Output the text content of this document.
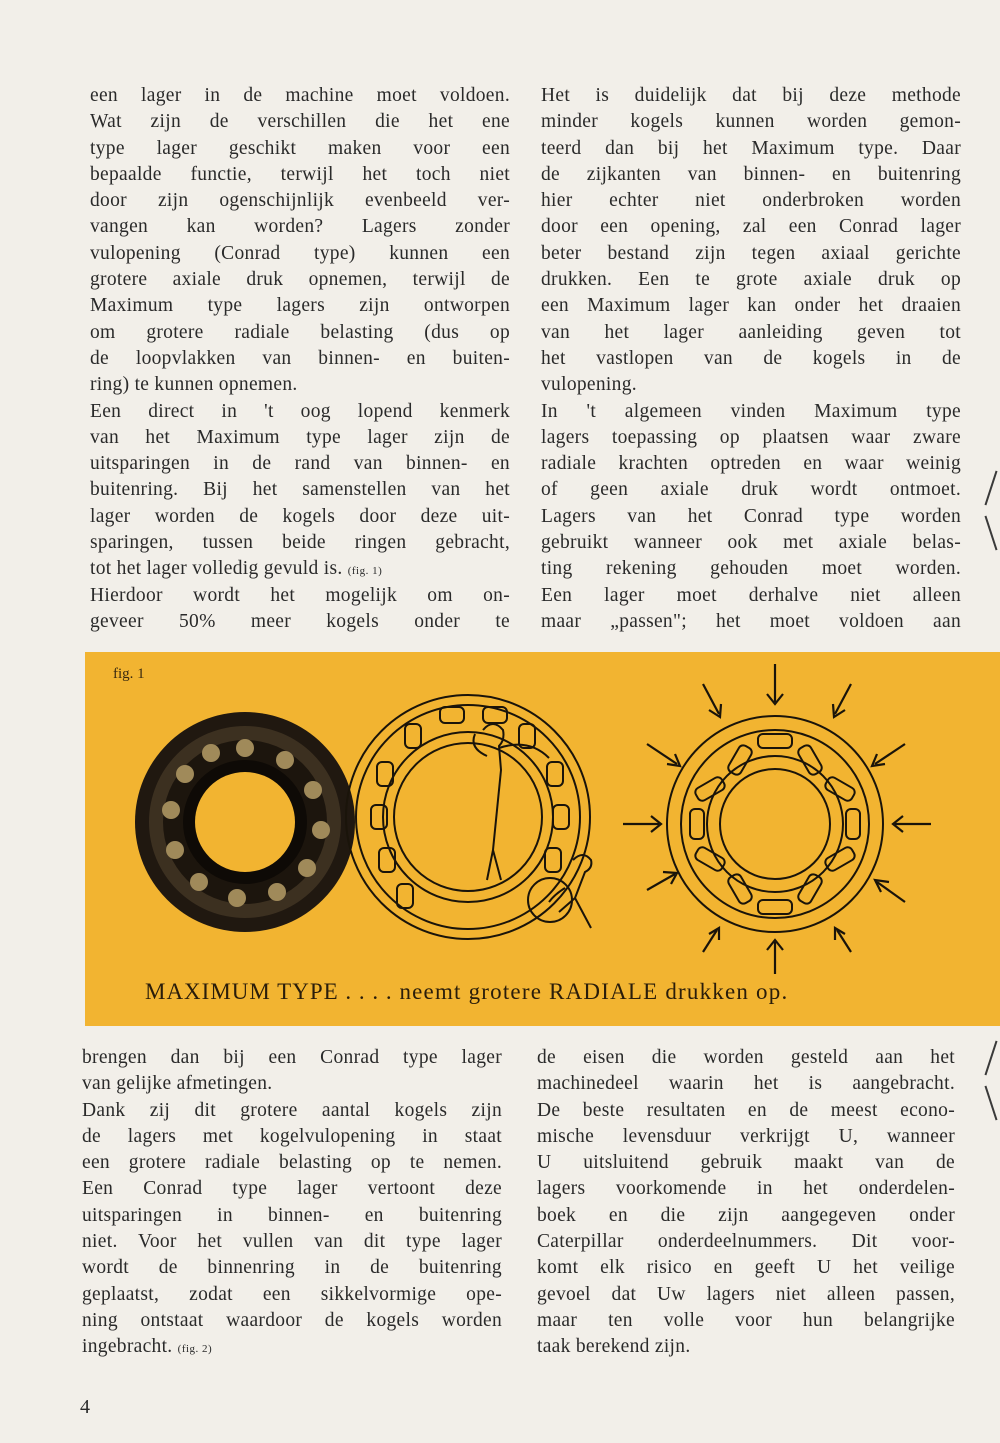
een lager in de machine moet voldoen.
Wat zijn de verschillen die het ene
type lager geschikt maken voor een
bepaalde functie, terwijl het toch niet
door zijn ogenschijnlijk evenbeeld ver-
vangen kan worden? Lagers zonder
vulopening (Conrad type) kunnen een
grotere axiale druk opnemen, terwijl de
Maximum type lagers zijn ontworpen
om grotere radiale belasting (dus op
de loopvlakken van binnen- en buiten-
ring) te kunnen opnemen.
Een direct in 't oog lopend kenmerk
van het Maximum type lager zijn de
uitsparingen in de rand van binnen- en
buitenring. Bij het samenstellen van het
lager worden de kogels door deze uit-
sparingen, tussen beide ringen gebracht,
tot het lager volledig gevuld is. (fig. 1)
Hierdoor wordt het mogelijk om on-
geveer 50% meer kogels onder te
Het is duidelijk dat bij deze methode
minder kogels kunnen worden gemon-
teerd dan bij het Maximum type. Daar
de zijkanten van binnen- en buitenring
hier echter niet onderbroken worden
door een opening, zal een Conrad lager
beter bestand zijn tegen axiaal gerichte
drukken. Een te grote axiale druk op
een Maximum lager kan onder het draaien
van het lager aanleiding geven tot
het vastlopen van de kogels in de
vulopening.
In 't algemeen vinden Maximum type
lagers toepassing op plaatsen waar zware
radiale krachten optreden en waar weinig
of geen axiale druk wordt ontmoet.
Lagers van het Conrad type worden
gebruikt wanneer ook met axiale belas-
ting rekening gehouden moet worden.
Een lager moet derhalve niet alleen
maar „passen"; het moet voldoen aan
fig. 1
MAXIMUM TYPE . . . . neemt grotere RADIALE drukken op.
brengen dan bij een Conrad type lager
van gelijke afmetingen.
Dank zij dit grotere aantal kogels zijn
de lagers met kogelvulopening in staat
een grotere radiale belasting op te nemen.
Een Conrad type lager vertoont deze
uitsparingen in binnen- en buitenring
niet. Voor het vullen van dit type lager
wordt de binnenring in de buitenring
geplaatst, zodat een sikkelvormige ope-
ning ontstaat waardoor de kogels worden
ingebracht. (fig. 2)
de eisen die worden gesteld aan het
machinedeel waarin het is aangebracht.
De beste resultaten en de meest econo-
mische levensduur verkrijgt U, wanneer
U uitsluitend gebruik maakt van de
lagers voorkomende in het onderdelen-
boek en die zijn aangegeven onder
Caterpillar onderdeelnummers. Dit voor-
komt elk risico en geeft U het veilige
gevoel dat Uw lagers niet alleen passen,
maar ten volle voor hun belangrijke
taak berekend zijn.
4
